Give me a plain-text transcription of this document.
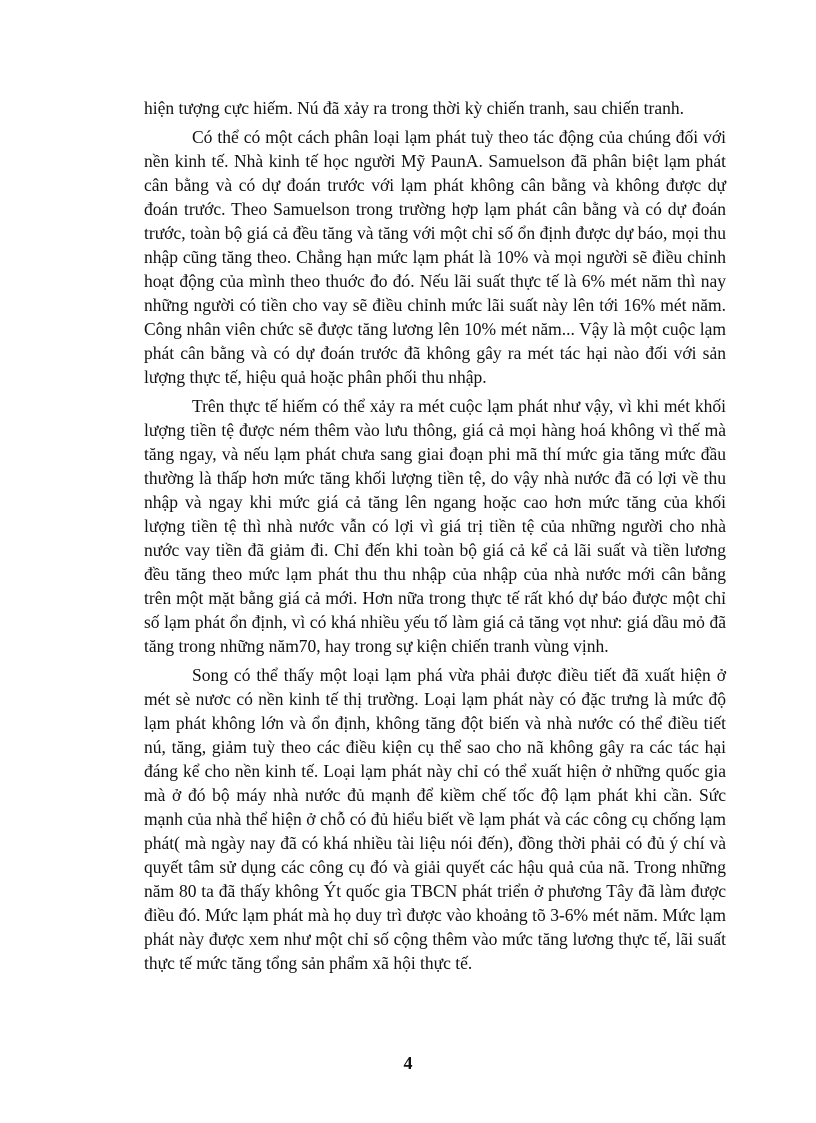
hiện tượng cực hiếm. Nú đã xảy ra trong thời kỳ chiến tranh, sau chiến tranh.

Có thể có một cách phân loại lạm phát tuỳ theo tác động của chúng đối với nền kinh tế. Nhà kinh tế học người Mỹ PaunA. Samuelson đã phân biệt lạm phát cân bằng và có dự đoán trước với lạm phát không cân bằng và không được dự đoán trước. Theo Samuelson trong trường hợp lạm phát cân bằng và có dự đoán trước, toàn bộ giá cả đều tăng và tăng với một chỉ số ổn định được dự báo, mọi thu nhập cũng tăng theo. Chẳng hạn mức lạm phát là 10% và mọi người sẽ điều chỉnh hoạt động của mình theo thuớc đo đó. Nếu lãi suất thực tế là 6% mét năm thì nay những người có tiền cho vay sẽ điều chỉnh mức lãi suất này lên tới 16% mét năm. Công nhân viên chức sẽ được tăng lương lên 10% mét năm... Vậy là một cuộc lạm phát cân bằng và có dự đoán trước đã không gây ra mét tác hại nào đối với sản lượng thực tế, hiệu quả hoặc phân phối thu nhập.

Trên thực tế hiếm có thể xảy ra mét cuộc lạm phát như vậy, vì khi mét khối lượng tiền tệ được ném thêm vào lưu thông, giá cả mọi hàng hoá không vì thế mà tăng ngay, và nếu lạm phát chưa sang giai đoạn phi mã thí mức gia tăng mức đầu thường là thấp hơn mức tăng khối lượng tiền tệ, do vậy nhà nước đã có lợi về thu nhập và ngay khi mức giá cả tăng lên ngang hoặc cao hơn mức tăng của khối lượng tiền tệ thì nhà nước vẫn có lợi vì giá trị tiền tệ của những người cho nhà nước vay tiền đã giảm đi. Chỉ đến khi toàn bộ giá cả kể cả lãi suất và tiền lương đều tăng theo mức lạm phát thu thu nhập của nhập của nhà nước mới cân bằng trên một mặt bằng giá cả mới. Hơn nữa trong thực tế rất khó dự báo được một chỉ số lạm phát ổn định, vì có khá nhiều yếu tố làm giá cả tăng vọt như: giá dầu mỏ đã tăng trong những năm70, hay trong sự kiện chiến tranh vùng vịnh.

Song có thể thấy một loại lạm phá vừa phải được điều tiết đã xuất hiện ở mét sè nươc có nền kinh tế thị trường. Loại lạm phát này có đặc trưng là mức độ lạm phát không lớn và ổn định, không tăng đột biến và nhà nước có thể điều tiết nú, tăng, giảm tuỳ theo các điều kiện cụ thể sao cho nã không gây ra các tác hại đáng kể cho nền kinh tế. Loại lạm phát này chỉ có thể xuất hiện ở những quốc gia mà ở đó bộ máy nhà nước đủ mạnh để kiềm chế tốc độ lạm phát khi cần. Sức mạnh của nhà thể hiện ở chỗ có đủ hiểu biết về lạm phát và các công cụ chống lạm phát( mà ngày nay đã có khá nhiều tài liệu nói đến), đồng thời phải có đủ ý chí và quyết tâm sử dụng các công cụ đó và giải quyết các hậu quả của nã. Trong những năm 80 ta đã thấy không Ýt quốc gia TBCN phát triển ở phương Tây đã làm được điều đó. Mức lạm phát mà họ duy trì được vào khoảng tõ 3-6% mét năm. Mức lạm phát này được xem như một chỉ số cộng thêm vào mức tăng lương thực tế, lãi suất thực tế mức tăng tổng sản phẩm xã hội thực tế.

4
